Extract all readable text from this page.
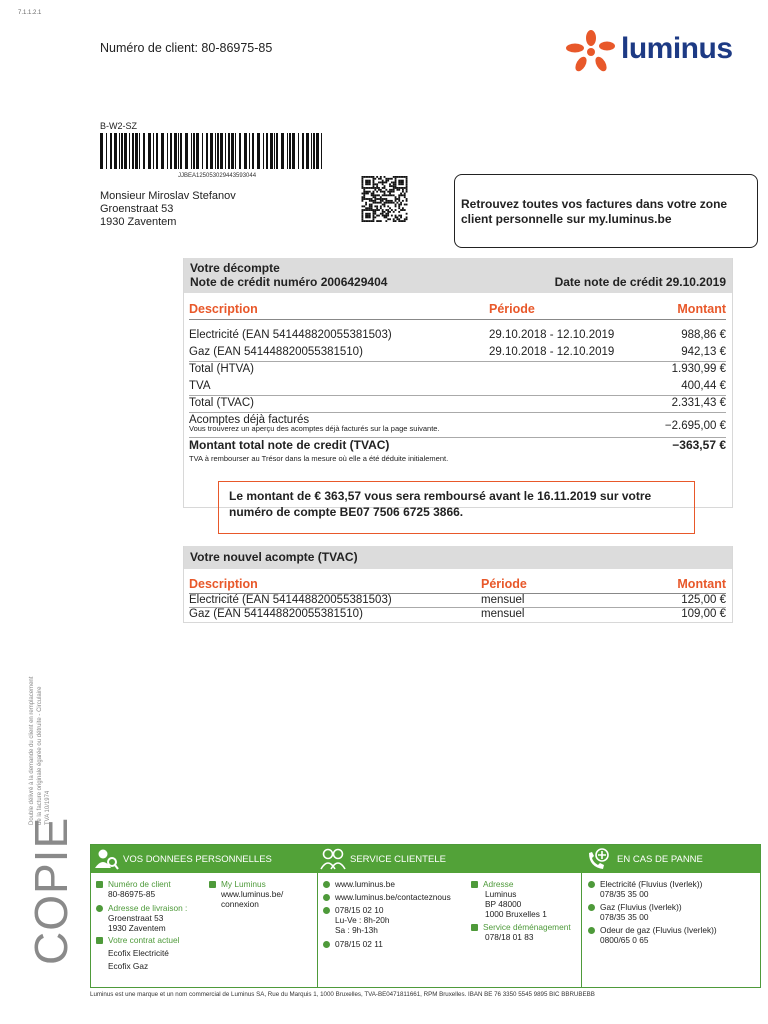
7.1.1.2.1
Numéro de client: 80-86975-85	luminus
B-W2-SZ
JJBEA125053029443593044
Monsieur Miroslav Stefanov
Groenstraat 53
1930 Zaventem
Retrouvez toutes vos factures dans votre zone client personnelle sur my.luminus.be
Votre décompte
Note de crédit numéro 2006429404	Date note de crédit 29.10.2019
Description	Période	Montant
Electricité (EAN 541448820055381503)	29.10.2018 - 12.10.2019	988,86 €
Gaz (EAN 541448820055381510)	29.10.2018 - 12.10.2019	942,13 €
Total (HTVA)	1.930,99 €
TVA	400,44 €
Total (TVAC)	2.331,43 €
Acomptes déjà facturés	−2.695,00 €
Vous trouverez un aperçu des acomptes déjà facturés sur la page suivante.
Montant total note de credit (TVAC)	−363,57 €
TVA à rembourser au Trésor dans la mesure où elle a été déduite initialement.
Le montant de € 363,57 vous sera remboursé avant le 16.11.2019 sur votre numéro de compte BE07 7506 6725 3866.
Votre nouvel acompte (TVAC)
Description	Période	Montant
Electricité (EAN 541448820055381503)	mensuel	125,00 €
Gaz (EAN 541448820055381510)	mensuel	109,00 €
COPIE
Double délivré à la demande du client en remplacement de la facture originale égarée ou détruite - Circulaire TVA 10/1974
VOS DONNEES PERSONNELLES	SERVICE CLIENTELE	EN CAS DE PANNE
Numéro de client
80-86975-85
Adresse de livraison :
Groenstraat 53
1930 Zaventem
Votre contrat actuel
Ecofix Electricité
Ecofix Gaz
My Luminus
www.luminus.be/
connexion
www.luminus.be
www.luminus.be/contacteznous
078/15 02 10
Lu-Ve : 8h-20h
Sa : 9h-13h
078/15 02 11
Adresse
Luminus
BP 48000
1000 Bruxelles 1
Service déménagement
078/18 01 83
Electricité (Fluvius (Iverlek))
078/35 35 00
Gaz (Fluvius (Iverlek))
078/35 35 00
Odeur de gaz (Fluvius (Iverlek))
0800/65 0 65
Luminus est une marque et un nom commercial de Luminus SA, Rue du Marquis 1, 1000 Bruxelles, TVA-BE0471811661, RPM Bruxelles. IBAN BE 76 3350 5545 9895 BIC BBRUBEBB
